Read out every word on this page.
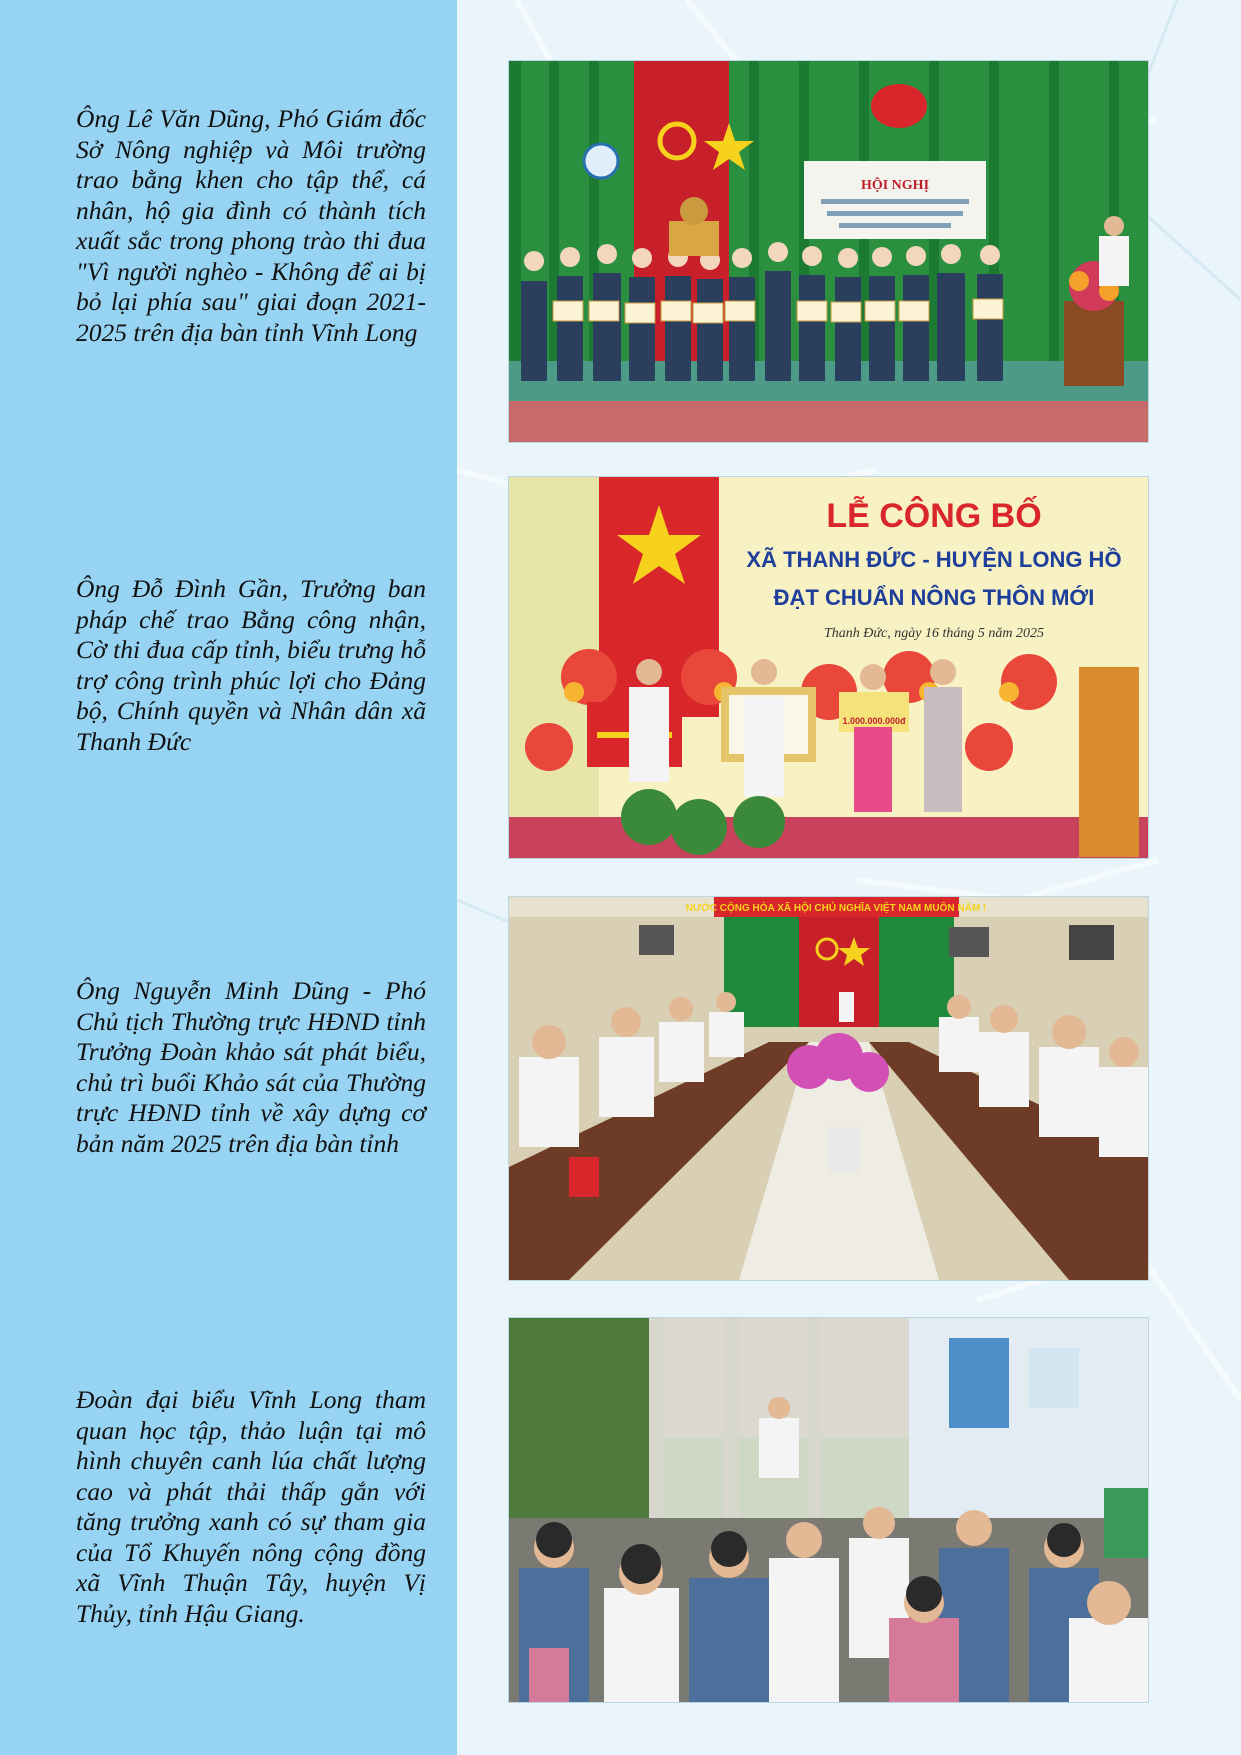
Ông Lê Văn Dũng, Phó Giám đốc Sở Nông nghiệp và Môi trường trao bằng khen cho tập thể, cá nhân, hộ gia đình có thành tích xuất sắc trong phong trào thi đua "Vì người nghèo - Không để ai bị bỏ lại phía sau" giai đoạn 2021-2025 trên địa bàn tỉnh Vĩnh Long
Ông Đỗ Đình Gần, Trưởng ban pháp chế trao Bằng công nhận, Cờ thi đua cấp tỉnh, biểu trưng hỗ trợ công trình phúc lợi cho Đảng bộ, Chính quyền và Nhân dân xã Thanh Đức
Ông Nguyễn Minh Dũng - Phó Chủ tịch Thường trực HĐND tỉnh Trưởng Đoàn khảo sát phát biểu, chủ trì buổi Khảo sát của Thường trực HĐND tỉnh về xây dựng cơ bản năm 2025 trên địa bàn tỉnh
Đoàn đại biểu Vĩnh Long tham quan học tập, thảo luận tại mô hình chuyên canh lúa chất lượng cao và phát thải thấp gắn với tăng trưởng xanh có sự tham gia của Tổ Khuyến nông cộng đồng xã Vĩnh Thuận Tây, huyện Vị Thủy, tỉnh Hậu Giang.
HỘI NGHỊ
LỄ CÔNG BỐ
XÃ THANH ĐỨC - HUYỆN LONG HỒ
ĐẠT CHUẨN NÔNG THÔN MỚI
Thanh Đức, ngày 16 tháng 5 năm 2025
1.000.000.000đ
NƯỚC CỘNG HÒA XÃ HỘI CHỦ NGHĨA VIỆT NAM MUÔN NĂM !
